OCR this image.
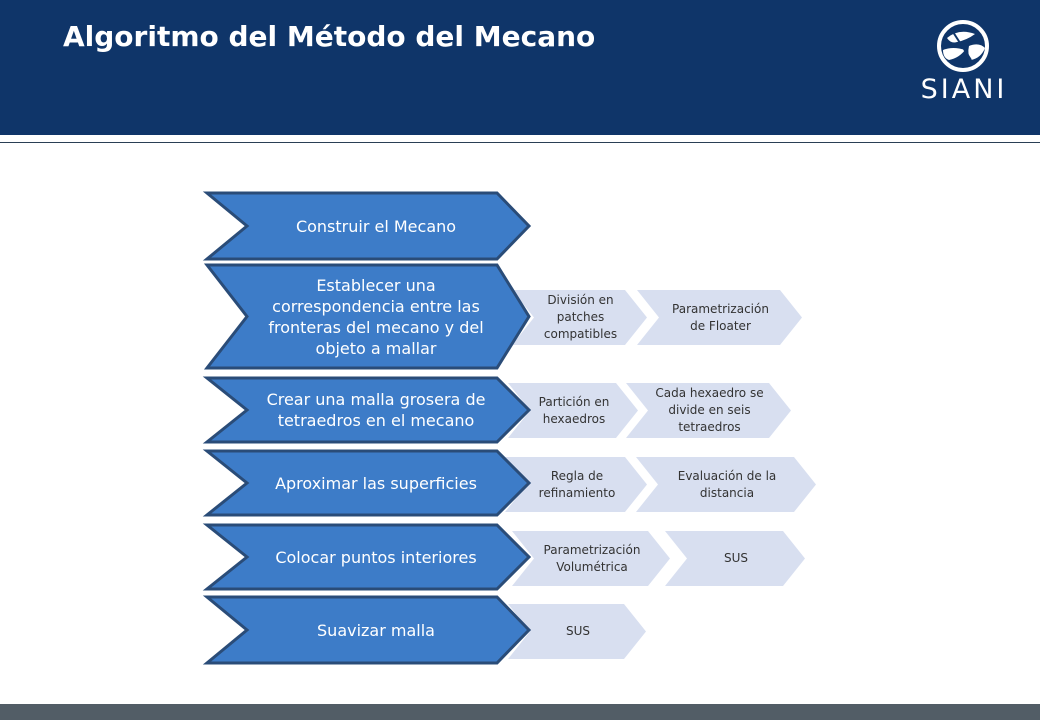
Algoritmo del Método del Mecano
SIANI
Construir el Mecano
Establecer una correspondencia entre las fronteras del mecano y del objeto a mallar
División en patches compatibles
Parametrización de Floater
Crear una malla grosera de tetraedros en el mecano
Partición en hexaedros
Cada hexaedro se divide en seis tetraedros
Aproximar las superficies	Regla de refinamiento
Evaluación de la distancia
Colocar puntos interiores	Parametrización Volumétrica
SUS
Suavizar malla	SUS
